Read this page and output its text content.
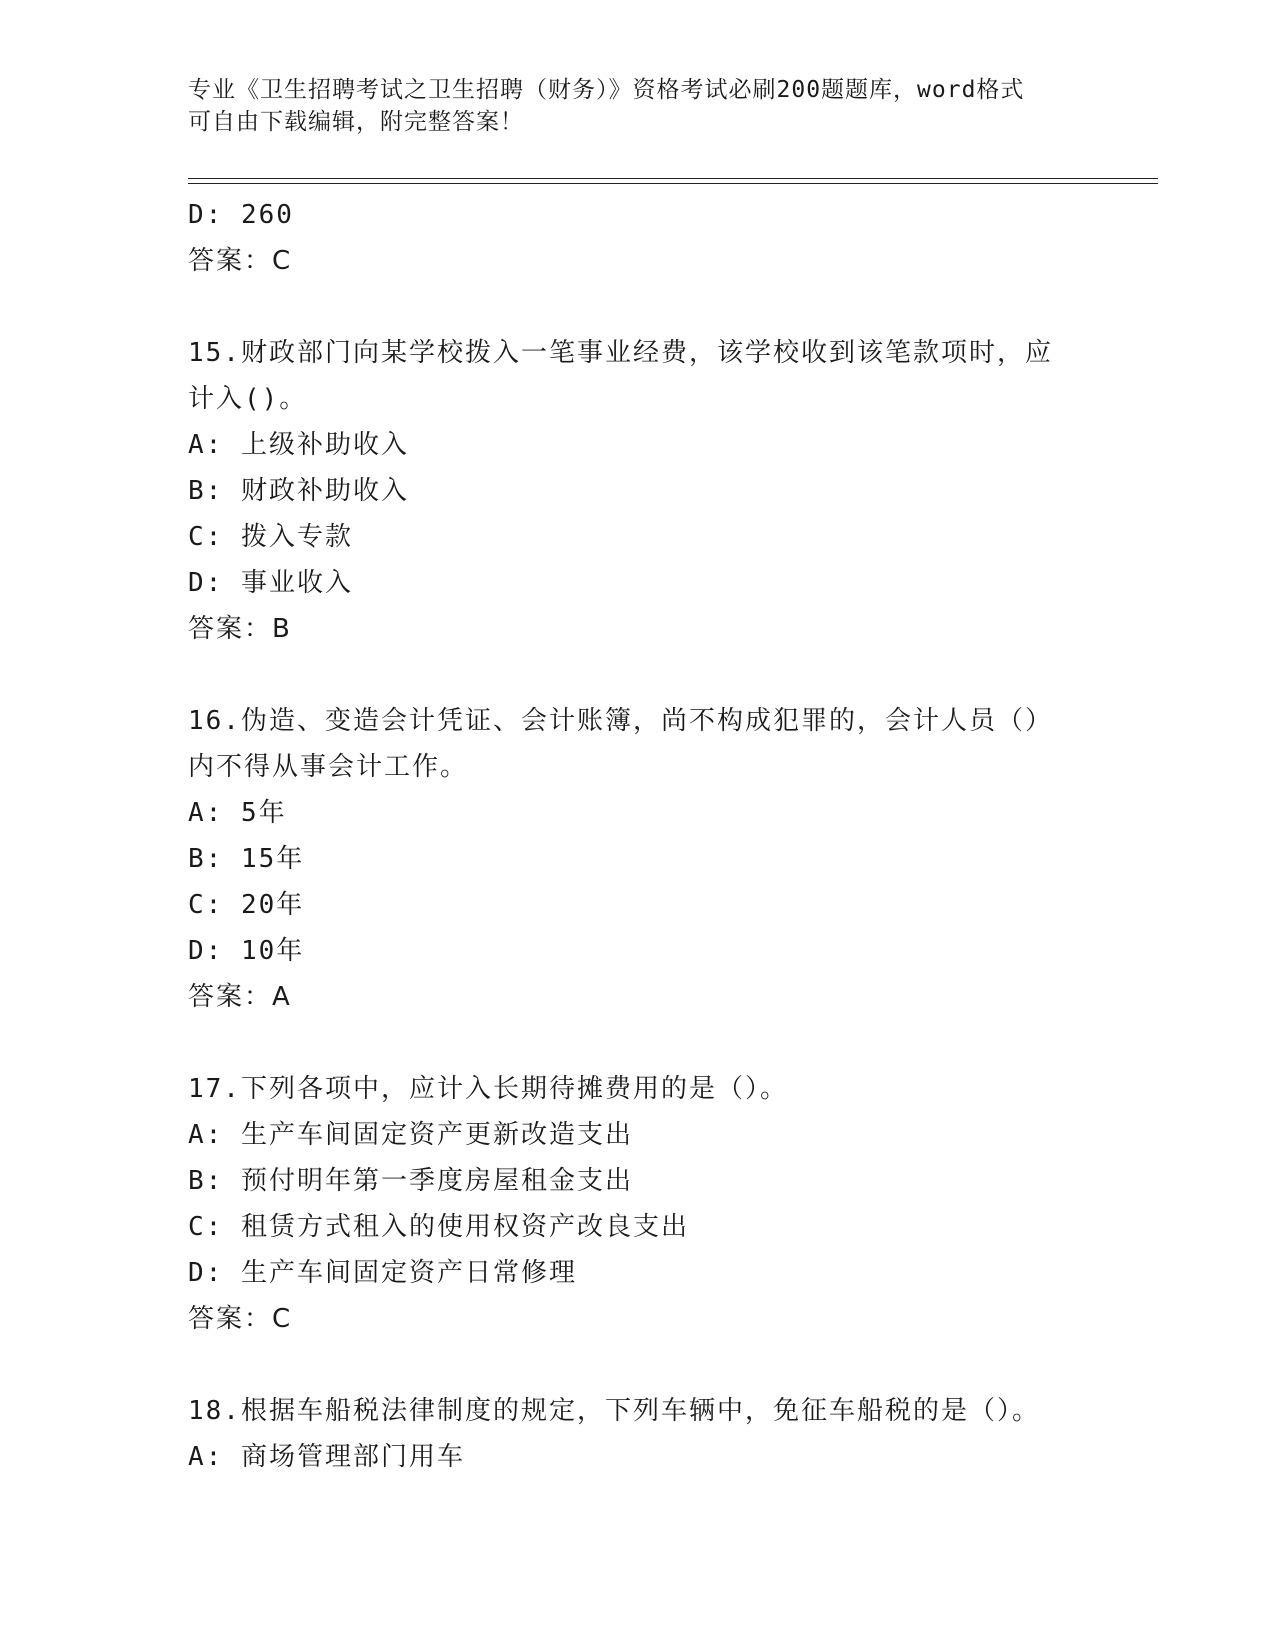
专业《卫生招聘考试之卫生招聘（财务）》资格考试必刷200题题库，word格式
可自由下载编辑，附完整答案！
D: 260
答案：C
15.财政部门向某学校拨入一笔事业经费，该学校收到该笔款项时，应
计入()。
A: 上级补助收入
B: 财政补助收入
C: 拨入专款
D: 事业收入
答案：B
16.伪造、变造会计凭证、会计账簿，尚不构成犯罪的，会计人员（）
内不得从事会计工作。
A: 5年
B: 15年
C: 20年
D: 10年
答案：A
17.下列各项中，应计入长期待摊费用的是（）。
A: 生产车间固定资产更新改造支出
B: 预付明年第一季度房屋租金支出
C: 租赁方式租入的使用权资产改良支出
D: 生产车间固定资产日常修理
答案：C
18.根据车船税法律制度的规定，下列车辆中，免征车船税的是（）。
A: 商场管理部门用车
